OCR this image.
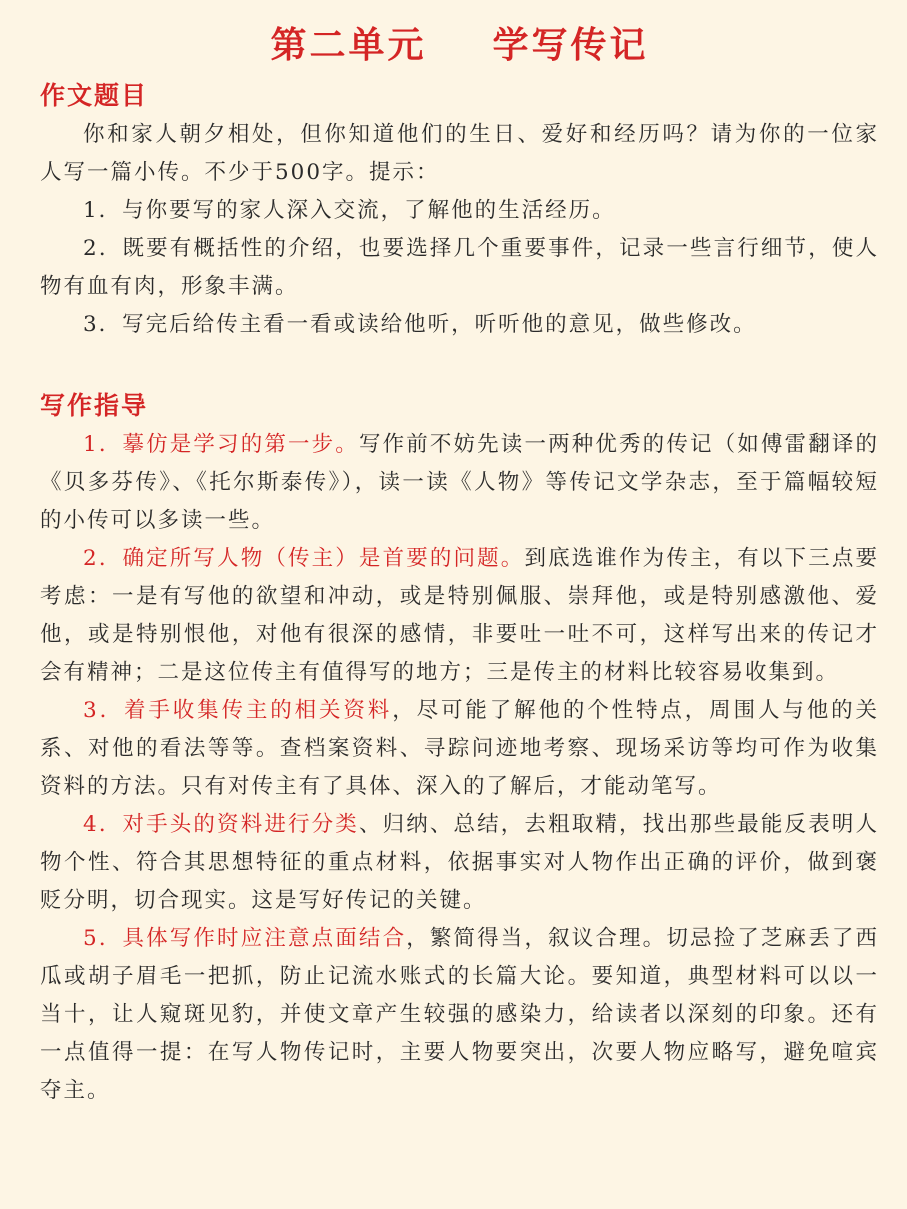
第二单元 学写传记
作文题目

你和家人朝夕相处，但你知道他们的生日、爱好和经历吗？请为你的一位家人写一篇小传。不少于500字。提示：

1．与你要写的家人深入交流，了解他的生活经历。

2．既要有概括性的介绍，也要选择几个重要事件，记录一些言行细节，使人物有血有肉，形象丰满。

3．写完后给传主看一看或读给他听，听听他的意见，做些修改。

写作指导

1．摹仿是学习的第一步。写作前不妨先读一两种优秀的传记（如傅雷翻译的《贝多芬传》、《托尔斯泰传》），读一读《人物》等传记文学杂志，至于篇幅较短的小传可以多读一些。

2．确定所写人物（传主）是首要的问题。到底选谁作为传主，有以下三点要考虑：一是有写他的欲望和冲动，或是特别佩服、崇拜他，或是特别感激他、爱他，或是特别恨他，对他有很深的感情，非要吐一吐不可，这样写出来的传记才会有精神；二是这位传主有值得写的地方；三是传主的材料比较容易收集到。

3．着手收集传主的相关资料，尽可能了解他的个性特点，周围人与他的关系、对他的看法等等。查档案资料、寻踪问迹地考察、现场采访等均可作为收集资料的方法。只有对传主有了具体、深入的了解后，才能动笔写。

4．对手头的资料进行分类、归纳、总结，去粗取精，找出那些最能反表明人物个性、符合其思想特征的重点材料，依据事实对人物作出正确的评价，做到褒贬分明，切合现实。这是写好传记的关键。

5．具体写作时应注意点面结合，繁简得当，叙议合理。切忌捡了芝麻丢了西瓜或胡子眉毛一把抓，防止记流水账式的长篇大论。要知道，典型材料可以以一当十，让人窥斑见豹，并使文章产生较强的感染力，给读者以深刻的印象。还有一点值得一提：在写人物传记时，主要人物要突出，次要人物应略写，避免喧宾夺主。
